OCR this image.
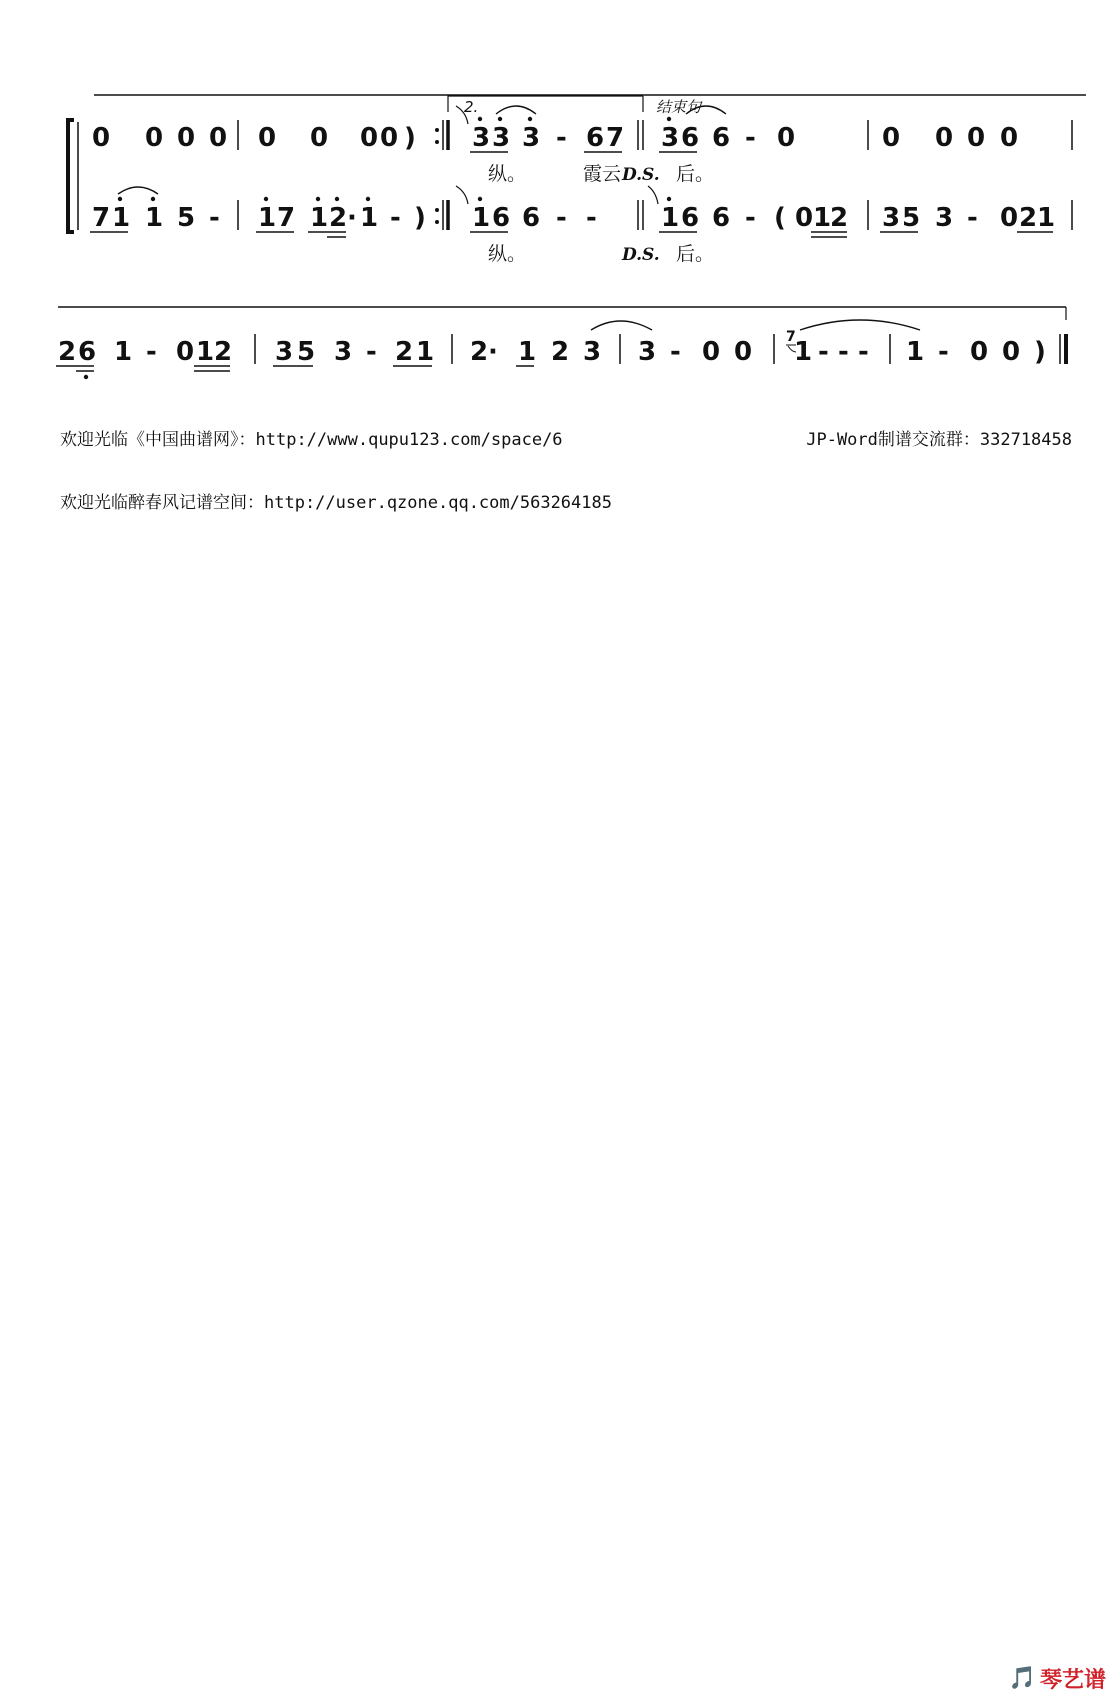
2.	结束句
0 0 0 0 0 0 0 0 ) 3 3 3 - 6 7 3 6 6 - 0	0 0 0 0
纵。	霞云 D.S. 后。
7 1 1 5 - 1 7 1 2 · 1 - ) 1 6 6 - - 1 6 6 - ( 0 1
2 3 5 3 - 0 2 1
纵。	D.S. 后。
2 6 1 - 0 1 2 3 5 3 - 2 1 2 · 1 2 3 3 - 0 0 7
1 - - - 1 - 0 0 )
欢迎光临《中国曲谱网》：http://www.qupu123.com/space/6	JP-Word制谱交流群：332718458
欢迎光临醉春风记谱空间：http://user.qzone.qq.com/563264185
🎵 琴艺谱
